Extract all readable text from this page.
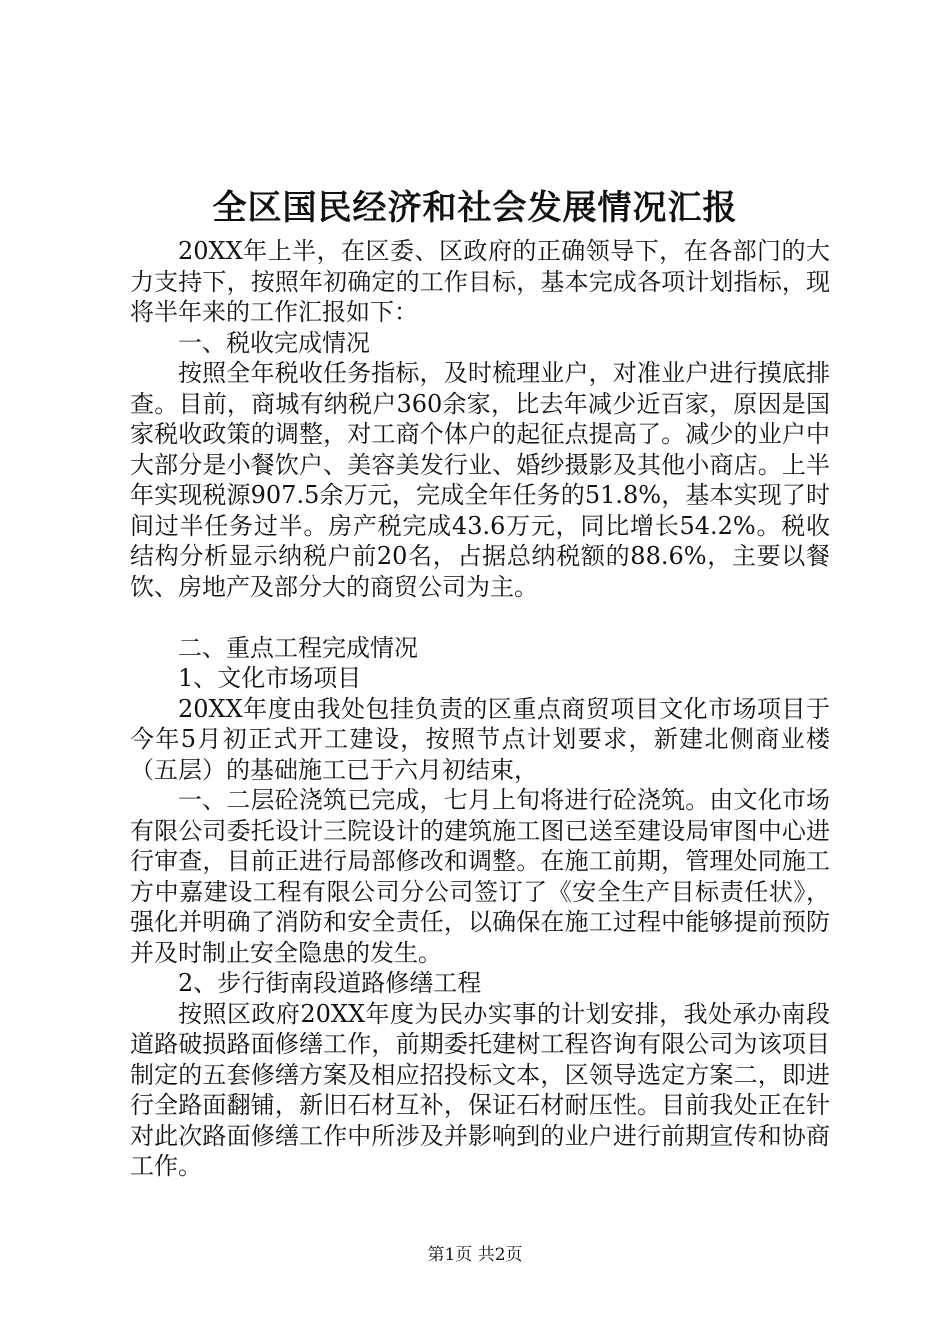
全区国民经济和社会发展情况汇报

20XX年上半，在区委、区政府的正确领导下，在各部门的大力支持下，按照年初确定的工作目标，基本完成各项计划指标，现将半年来的工作汇报如下：

一、税收完成情况

按照全年税收任务指标，及时梳理业户，对准业户进行摸底排查。目前，商城有纳税户360余家，比去年减少近百家，原因是国家税收政策的调整，对工商个体户的起征点提高了。减少的业户中大部分是小餐饮户、美容美发行业、婚纱摄影及其他小商店。上半年实现税源907.5余万元，完成全年任务的51.8%，基本实现了时间过半任务过半。房产税完成43.6万元，同比增长54.2%。税收结构分析显示纳税户前20名，占据总纳税额的88.6%，主要以餐饮、房地产及部分大的商贸公司为主。

二、重点工程完成情况

1、文化市场项目

20XX年度由我处包挂负责的区重点商贸项目文化市场项目于今年5月初正式开工建设，按照节点计划要求，新建北侧商业楼（五层）的基础施工已于六月初结束，

一、二层砼浇筑已完成，七月上旬将进行砼浇筑。由文化市场有限公司委托设计三院设计的建筑施工图已送至建设局审图中心进行审查，目前正进行局部修改和调整。在施工前期，管理处同施工方中嘉建设工程有限公司分公司签订了《安全生产目标责任状》，强化并明确了消防和安全责任，以确保在施工过程中能够提前预防并及时制止安全隐患的发生。

2、步行街南段道路修缮工程

按照区政府20XX年度为民办实事的计划安排，我处承办南段道路破损路面修缮工作，前期委托建树工程咨询有限公司为该项目制定的五套修缮方案及相应招投标文本，区领导选定方案二，即进行全路面翻铺，新旧石材互补，保证石材耐压性。目前我处正在针对此次路面修缮工作中所涉及并影响到的业户进行前期宣传和协商工作。

第1页 共2页
